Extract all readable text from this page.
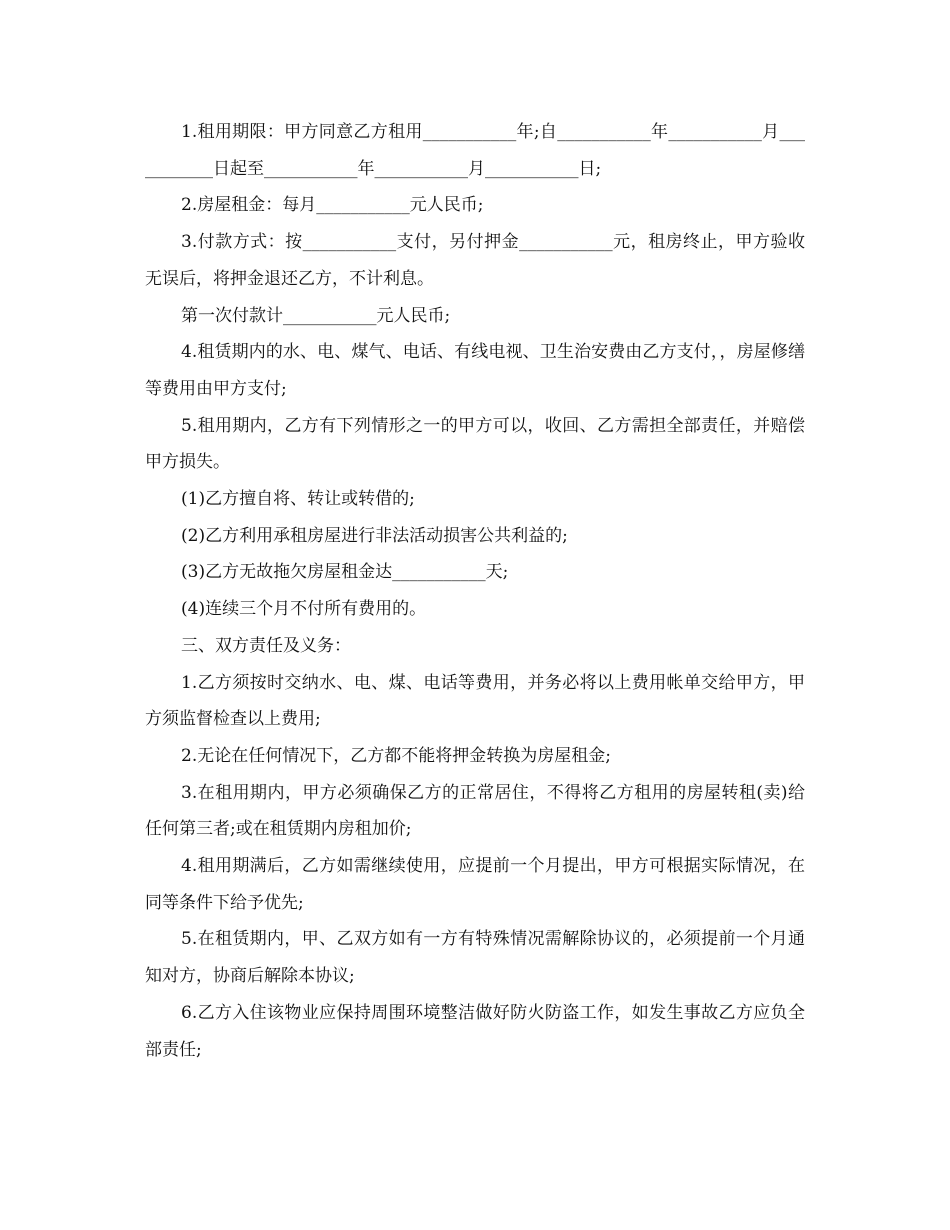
1.租用期限：甲方同意乙方租用___________年;自___________年___________月___________日起至___________年___________月___________日;

2.房屋租金：每月___________元人民币;

3.付款方式：按___________支付，另付押金___________元，租房终止，甲方验收无误后，将押金退还乙方，不计利息。

第一次付款计___________元人民币;

4.租赁期内的水、电、煤气、电话、有线电视、卫生治安费由乙方支付，，房屋修缮等费用由甲方支付;

5.租用期内，乙方有下列情形之一的甲方可以，收回、乙方需担全部责任，并赔偿甲方损失。

(1)乙方擅自将、转让或转借的;

(2)乙方利用承租房屋进行非法活动损害公共利益的;

(3)乙方无故拖欠房屋租金达___________天;

(4)连续三个月不付所有费用的。

三、双方责任及义务：

1.乙方须按时交纳水、电、煤、电话等费用，并务必将以上费用帐单交给甲方，甲方须监督检查以上费用;

2.无论在任何情况下，乙方都不能将押金转换为房屋租金;

3.在租用期内，甲方必须确保乙方的正常居住，不得将乙方租用的房屋转租(卖)给任何第三者;或在租赁期内房租加价;

4.租用期满后，乙方如需继续使用，应提前一个月提出，甲方可根据实际情况，在同等条件下给予优先;

5.在租赁期内，甲、乙双方如有一方有特殊情况需解除协议的，必须提前一个月通知对方，协商后解除本协议;

6.乙方入住该物业应保持周围环境整洁做好防火防盗工作，如发生事故乙方应负全部责任;
